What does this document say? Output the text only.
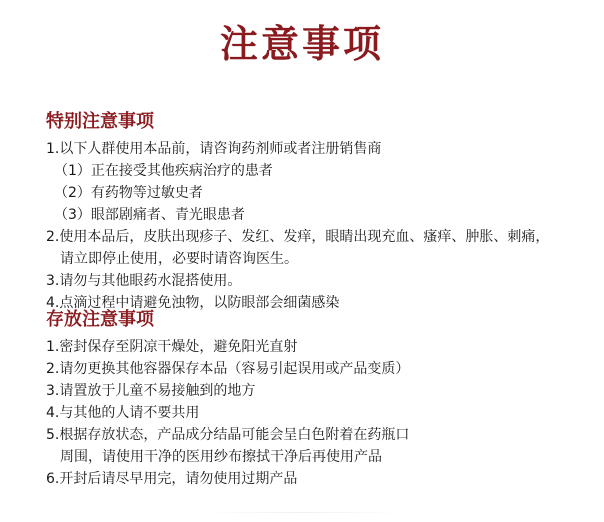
注意事项
特别注意事项

1.以下人群使用本品前，请咨询药剂师或者注册销售商

（1）正在接受其他疾病治疗的患者

（2）有药物等过敏史者

（3）眼部剧痛者、青光眼患者

2.使用本品后，皮肤出现疹子、发红、发痒，眼睛出现充血、瘙痒、肿胀、刺痛，

请立即停止使用，必要时请咨询医生。

3.请勿与其他眼药水混搭使用。

4.点滴过程中请避免浊物，以防眼部会细菌感染

存放注意事项

1.密封保存至阴凉干燥处，避免阳光直射

2.请勿更换其他容器保存本品（容易引起误用或产品变质）

3.请置放于儿童不易接触到的地方

4.与其他的人请不要共用

5.根据存放状态，产品成分结晶可能会呈白色附着在药瓶口

周围，请使用干净的医用纱布擦拭干净后再使用产品

6.开封后请尽早用完，请勿使用过期产品
